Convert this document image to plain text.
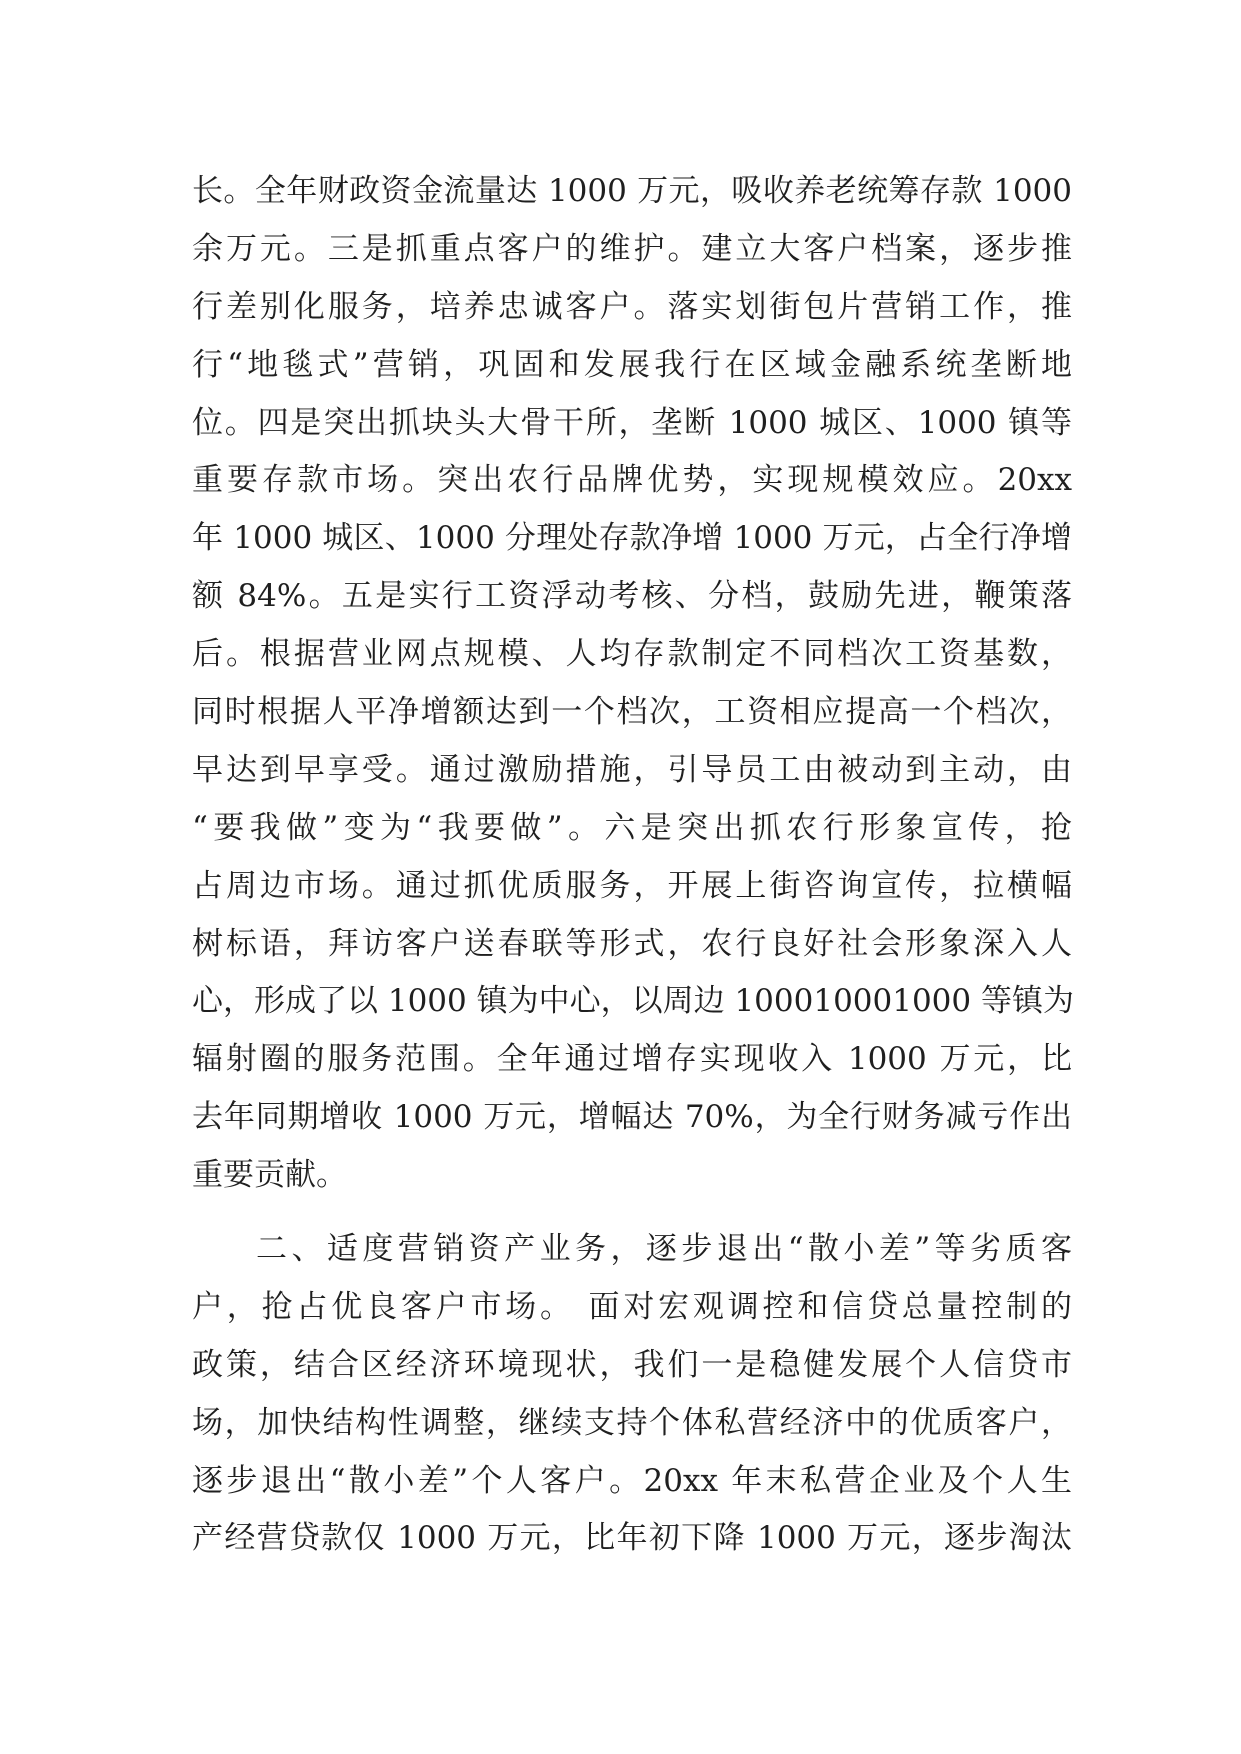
长。全年财政资金流量达 1000 万元，吸收养老统筹存款 1000
余万元。三是抓重点客户的维护。建立大客户档案，逐步推
行差别化服务，培养忠诚客户。落实划街包片营销工作，推
行“地毯式”营销，巩固和发展我行在区域金融系统垄断地
位。四是突出抓块头大骨干所，垄断 1000 城区、1000 镇等
重要存款市场。突出农行品牌优势，实现规模效应。20xx
年 1000 城区、1000 分理处存款净增 1000 万元，占全行净增
额 84%。五是实行工资浮动考核、分档，鼓励先进，鞭策落
后。根据营业网点规模、人均存款制定不同档次工资基数，
同时根据人平净增额达到一个档次，工资相应提高一个档次，
早达到早享受。通过激励措施，引导员工由被动到主动，由
“要我做”变为“我要做”。六是突出抓农行形象宣传，抢
占周边市场。通过抓优质服务，开展上街咨询宣传，拉横幅
树标语，拜访客户送春联等形式，农行良好社会形象深入人
心，形成了以 1000 镇为中心，以周边 100010001000 等镇为
辐射圈的服务范围。全年通过增存实现收入 1000 万元，比
去年同期增收 1000 万元，增幅达 70%，为全行财务减亏作出
重要贡献。
二、适度营销资产业务，逐步退出“散小差”等劣质客
户，抢占优良客户市场。 面对宏观调控和信贷总量控制的
政策，结合区经济环境现状，我们一是稳健发展个人信贷市
场，加快结构性调整，继续支持个体私营经济中的优质客户，
逐步退出“散小差”个人客户。20xx 年末私营企业及个人生
产经营贷款仅 1000 万元，比年初下降 1000 万元，逐步淘汰
